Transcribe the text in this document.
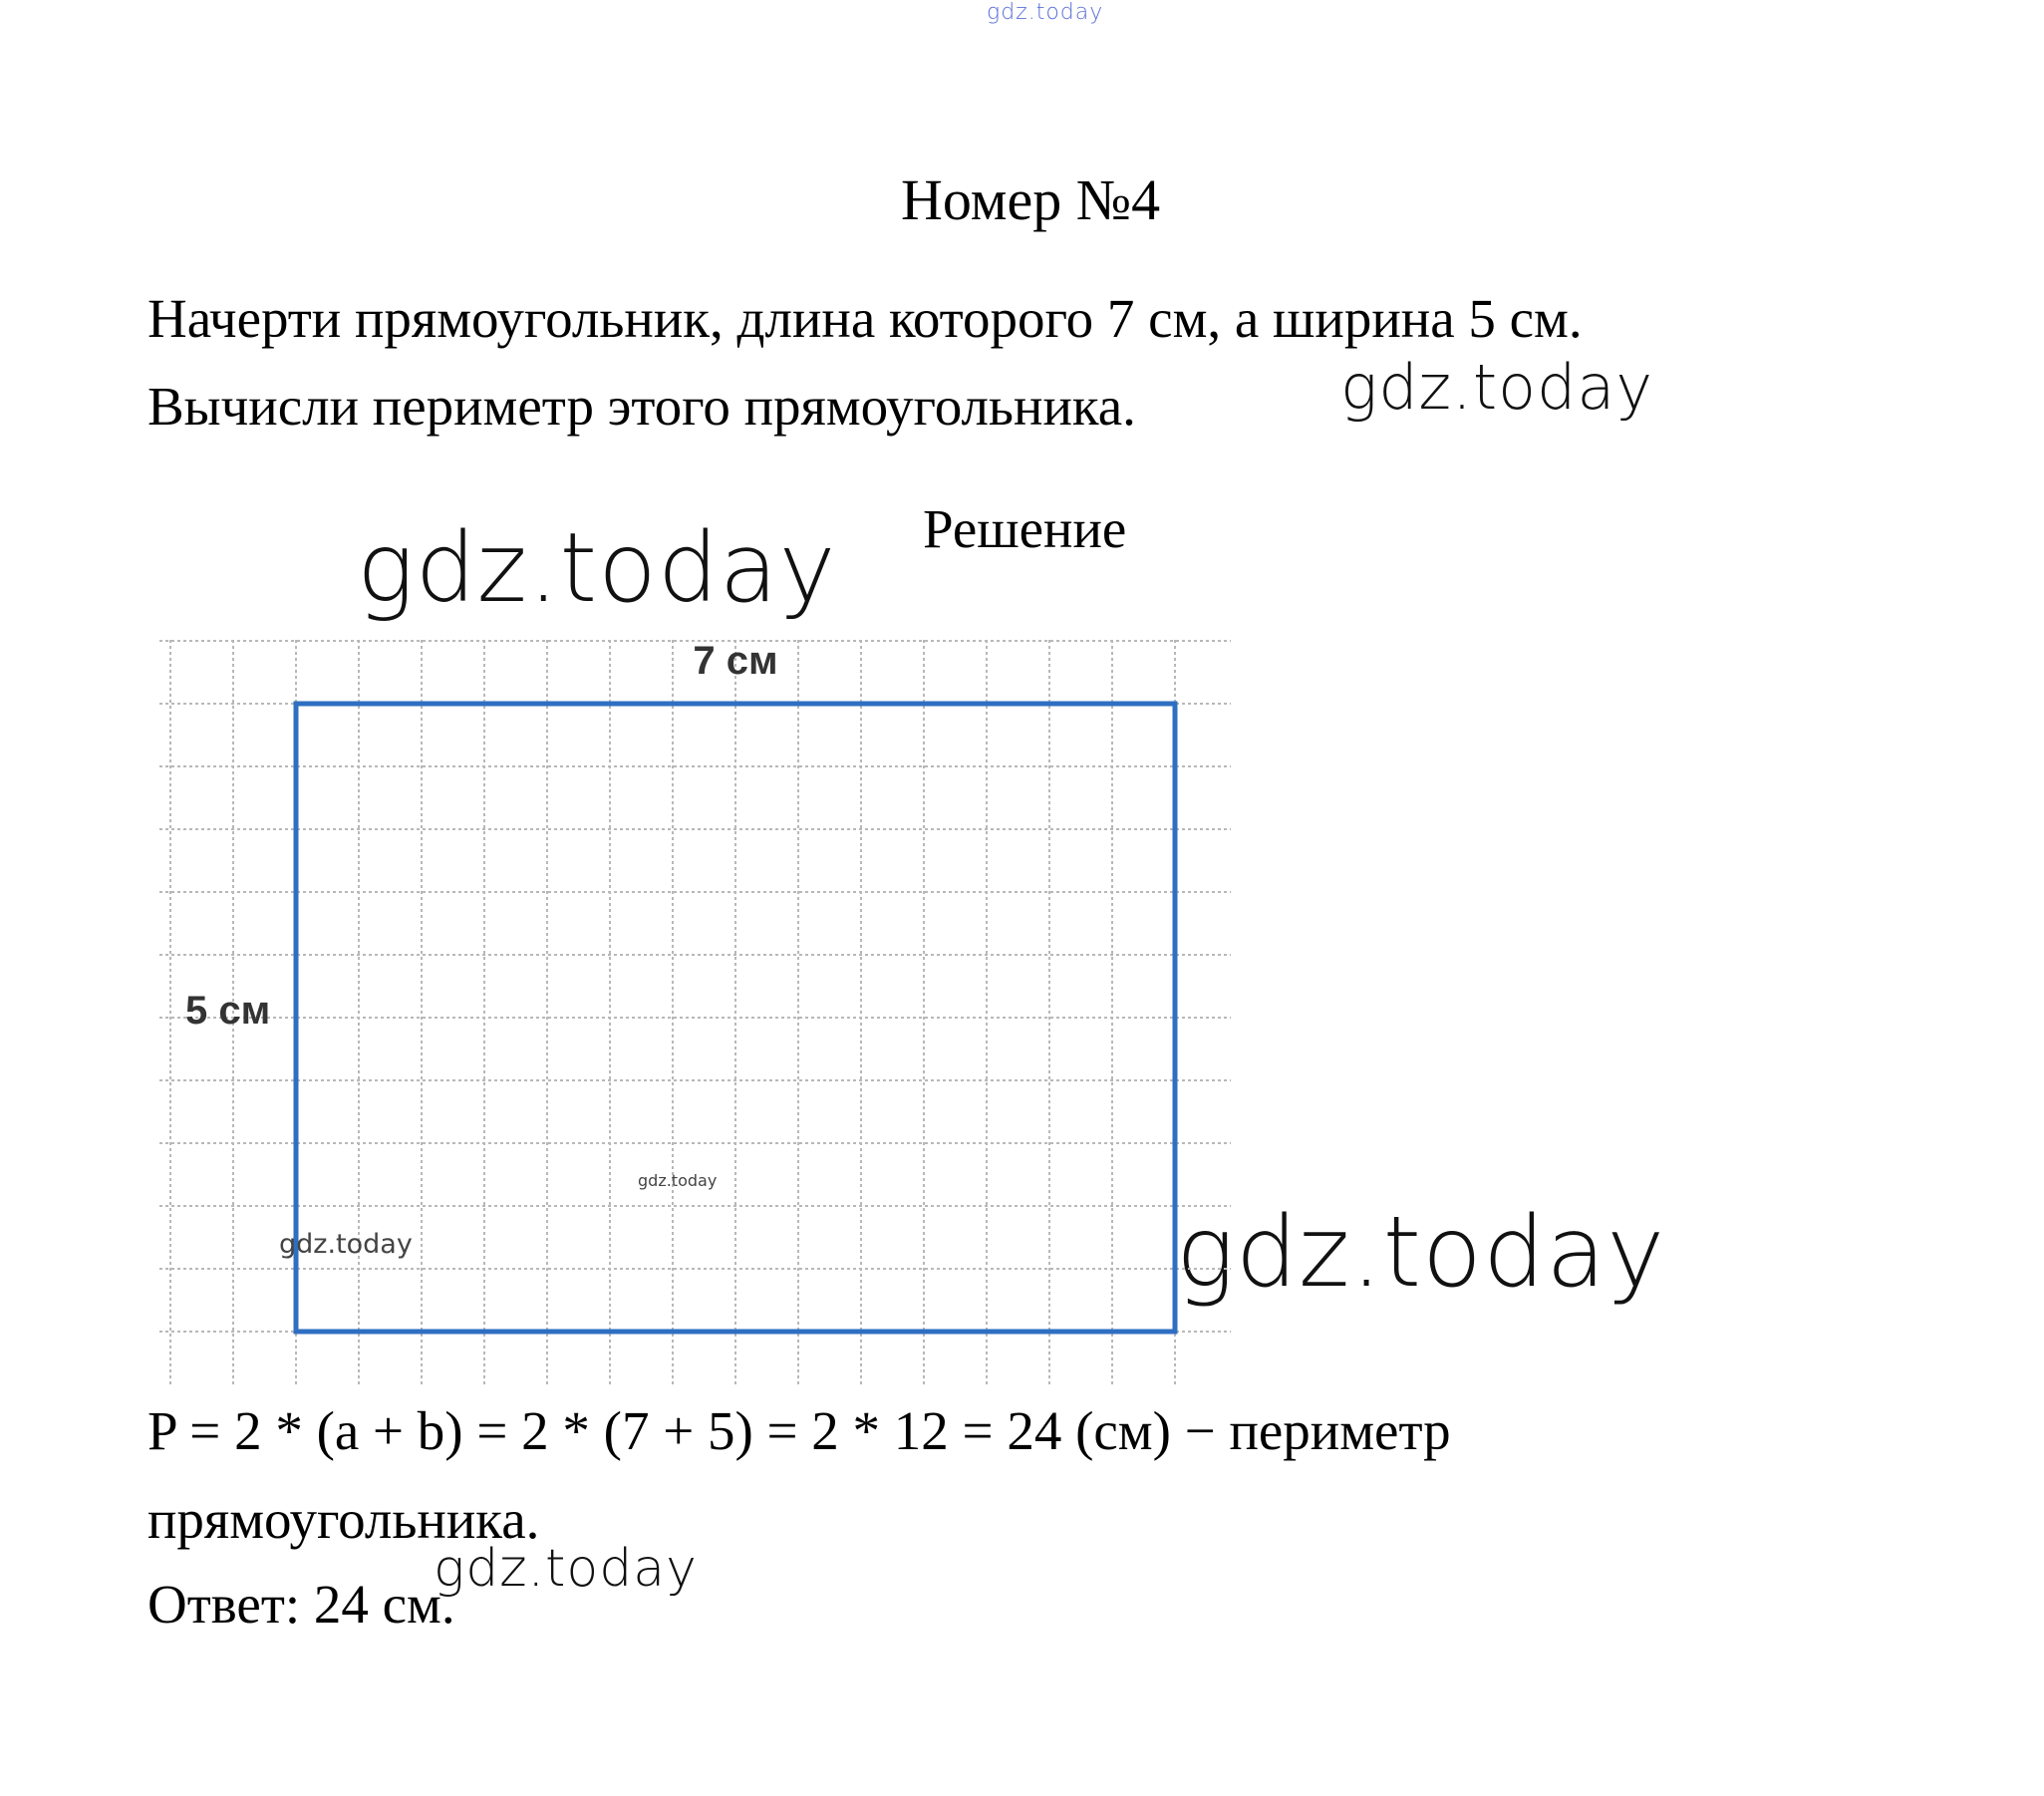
gdz.today
gdz.today
gdz.today
gdz.today
gdz.today
Номер №4
Начерти прямоугольник, длина которого 7 см, а ширина 5 см.
Вычисли периметр этого прямоугольника.
Решение
7 см
5 см
gdz.today
gdz.today
P = 2 * (a + b) = 2 * (7 + 5) = 2 * 12 = 24 (см) − периметр
прямоугольника.
Ответ: 24 см.
